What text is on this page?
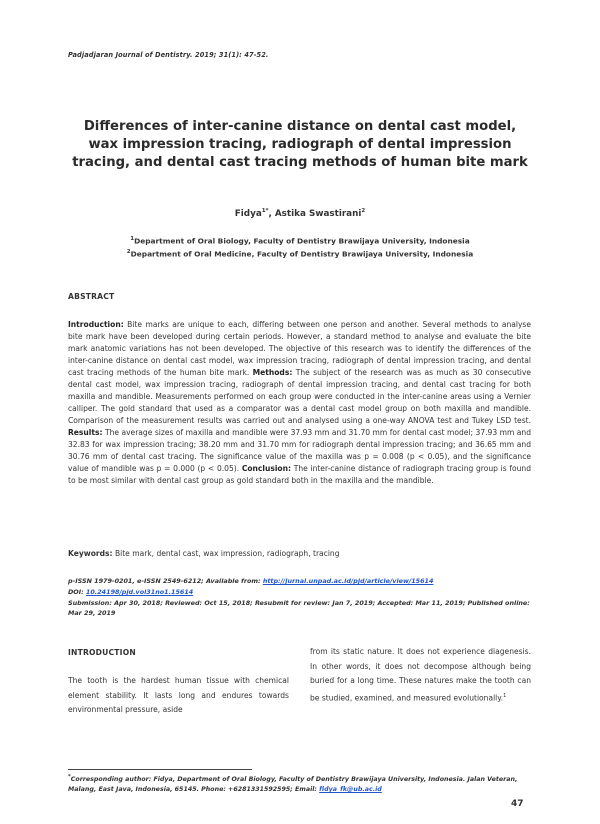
Padjadjaran Journal of Dentistry. 2019; 31(1): 47-52.
Differences of inter-canine distance on dental cast model,
wax impression tracing, radiograph of dental impression
tracing, and dental cast tracing methods of human bite mark
Fidya$^{1*}$, Astika Swastirani$^2$
$^1$Department of Oral Biology, Faculty of Dentistry Brawijaya University, Indonesia
$^2$Department of Oral Medicine, Faculty of Dentistry Brawijaya University, Indonesia
ABSTRACT
Introduction: Bite marks are unique to each, differing between one person and another. Several methods to analyse bite mark have been developed during certain periods. However, a standard method to analyse and evaluate the bite mark anatomic variations has not been developed. The objective of this research was to identify the differences of the inter-canine distance on dental cast model, wax impression tracing, radiograph of dental impression tracing, and dental cast tracing methods of the human bite mark. Methods: The subject of the research was as much as 30 consecutive dental cast model, wax impression tracing, radiograph of dental impression tracing, and dental cast tracing for both maxilla and mandible. Measurements performed on each group were conducted in the inter-canine areas using a Vernier calliper. The gold standard that used as a comparator was a dental cast model group on both maxilla and mandible. Comparison of the measurement results was carried out and analysed using a one-way ANOVA test and Tukey LSD test. Results: The average sizes of maxilla and mandible were 37.93 mm and 31.70 mm for dental cast model; 37.93 mm and 32.83 for wax impression tracing; 38.20 mm and 31.70 mm for radiograph dental impression tracing; and 36.65 mm and 30.76 mm of dental cast tracing. The significance value of the maxilla was p = 0.008 (p < 0.05), and the significance value of mandible was p = 0.000 (p < 0.05). Conclusion: The inter-canine distance of radiograph tracing group is found to be most similar with dental cast group as gold standard both in the maxilla and the mandible.
Keywords: Bite mark, dental cast, wax impression, radiograph, tracing
p-ISSN 1979-0201, e-ISSN 2549-6212; Available from: http://jurnal.unpad.ac.id/pjd/article/view/15614
DOI: 10.24198/pjd.vol31no1.15614
Submission: Apr 30, 2018; Reviewed: Oct 15, 2018; Resubmit for review: Jan 7, 2019; Accepted: Mar 11, 2019; Published online: Mar 29, 2019
INTRODUCTION
The tooth is the hardest human tissue with chemical element stability. It lasts long and endures towards environmental pressure, aside
from its static nature. It does not experience diagenesis. In other words, it does not decompose although being buried for a long time. These natures make the tooth can be studied, examined, and measured evolutionally.$^1$
*Corresponding author: Fidya, Department of Oral Biology, Faculty of Dentistry Brawijaya University, Indonesia. Jalan Veteran, Malang, East Java, Indonesia, 65145. Phone: +6281331592595; Email: fidya_fk@ub.ac.id
47
